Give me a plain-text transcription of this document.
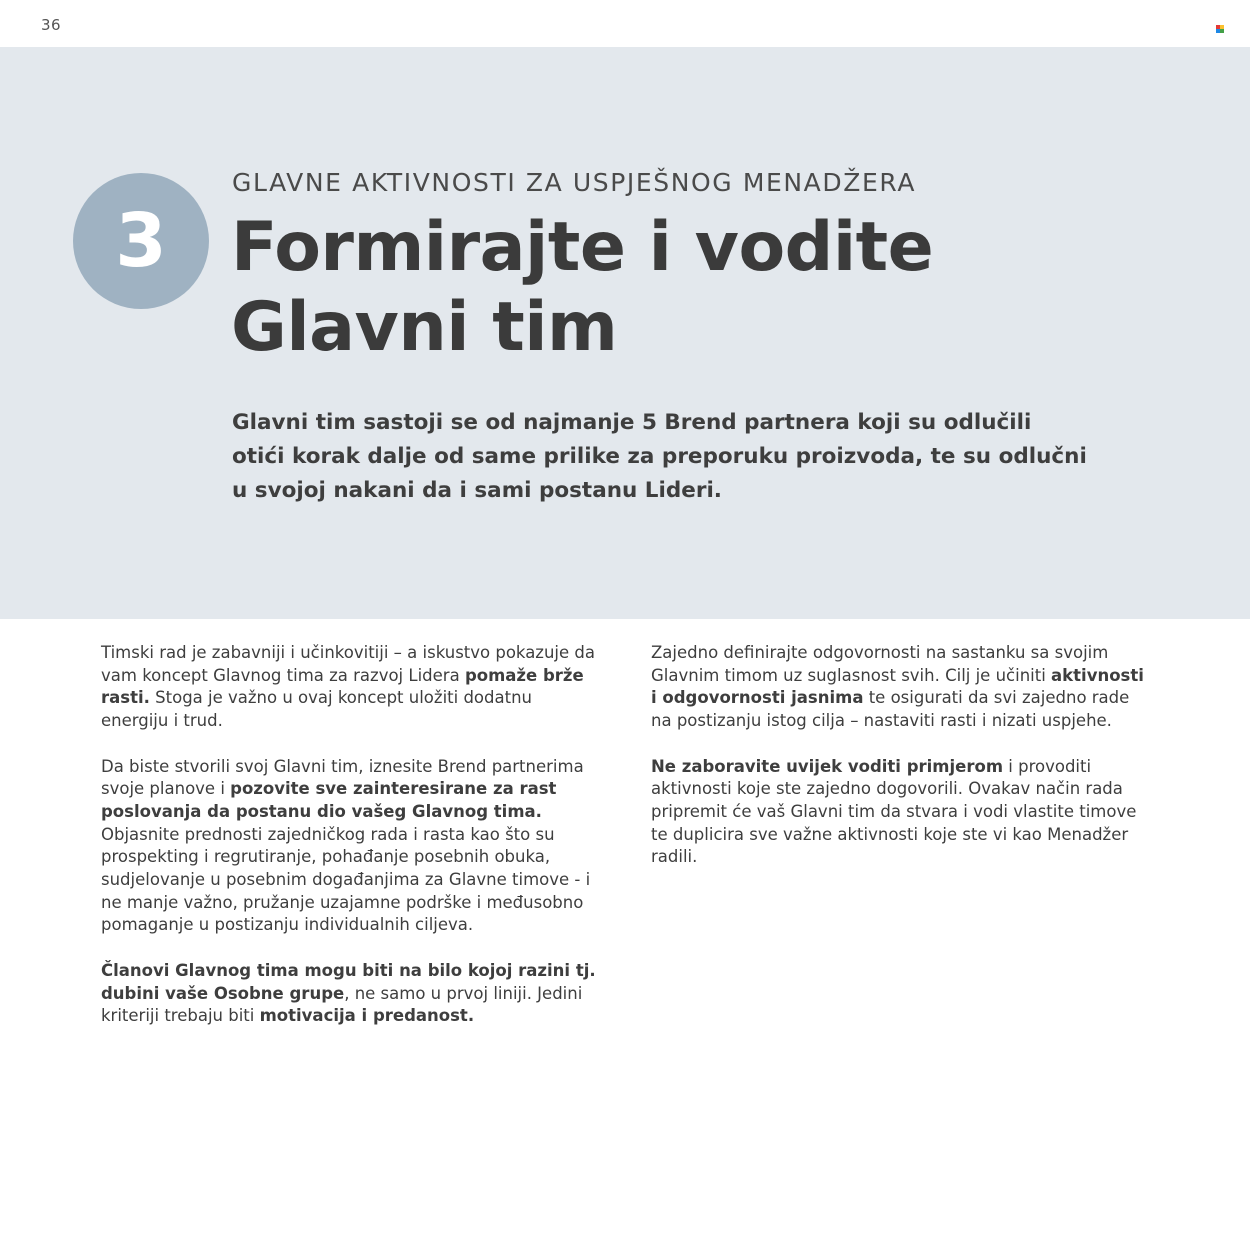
36
3
GLAVNE AKTIVNOSTI ZA USPJEŠNOG MENADŽERA
Formirajte i vodite
Glavni tim

Glavni tim sastoji se od najmanje 5 Brend partnera koji su odlučili
otići korak dalje od same prilike za preporuku proizvoda, te su odlučni
u svojoj nakani da i sami postanu Lideri.

Timski rad je zabavniji i učinkovitiji – a iskustvo pokazuje da vam koncept Glavnog tima za razvoj Lidera pomaže brže rasti. Stoga je važno u ovaj koncept uložiti dodatnu energiju i trud.

Da biste stvorili svoj Glavni tim, iznesite Brend partnerima svoje planove i pozovite sve zainteresirane za rast poslovanja da postanu dio vašeg Glavnog tima. Objasnite prednosti zajedničkog rada i rasta kao što su prospekting i regrutiranje, pohađanje posebnih obuka, sudjelovanje u posebnim događanjima za Glavne timove - i ne manje važno, pružanje uzajamne podrške i međusobno pomaganje u postizanju individualnih ciljeva.

Članovi Glavnog tima mogu biti na bilo kojoj razini tj. dubini vaše Osobne grupe, ne samo u prvoj liniji. Jedini kriteriji trebaju biti motivacija i predanost.

Zajedno definirajte odgovornosti na sastanku sa svojim Glavnim timom uz suglasnost svih. Cilj je učiniti aktivnosti i odgovornosti jasnima te osigurati da svi zajedno rade na postizanju istog cilja – nastaviti rasti i nizati uspjehe.

Ne zaboravite uvijek voditi primjerom i provoditi aktivnosti koje ste zajedno dogovorili. Ovakav način rada pripremit će vaš Glavni tim da stvara i vodi vlastite timove te duplicira sve važne aktivnosti koje ste vi kao Menadžer radili.
